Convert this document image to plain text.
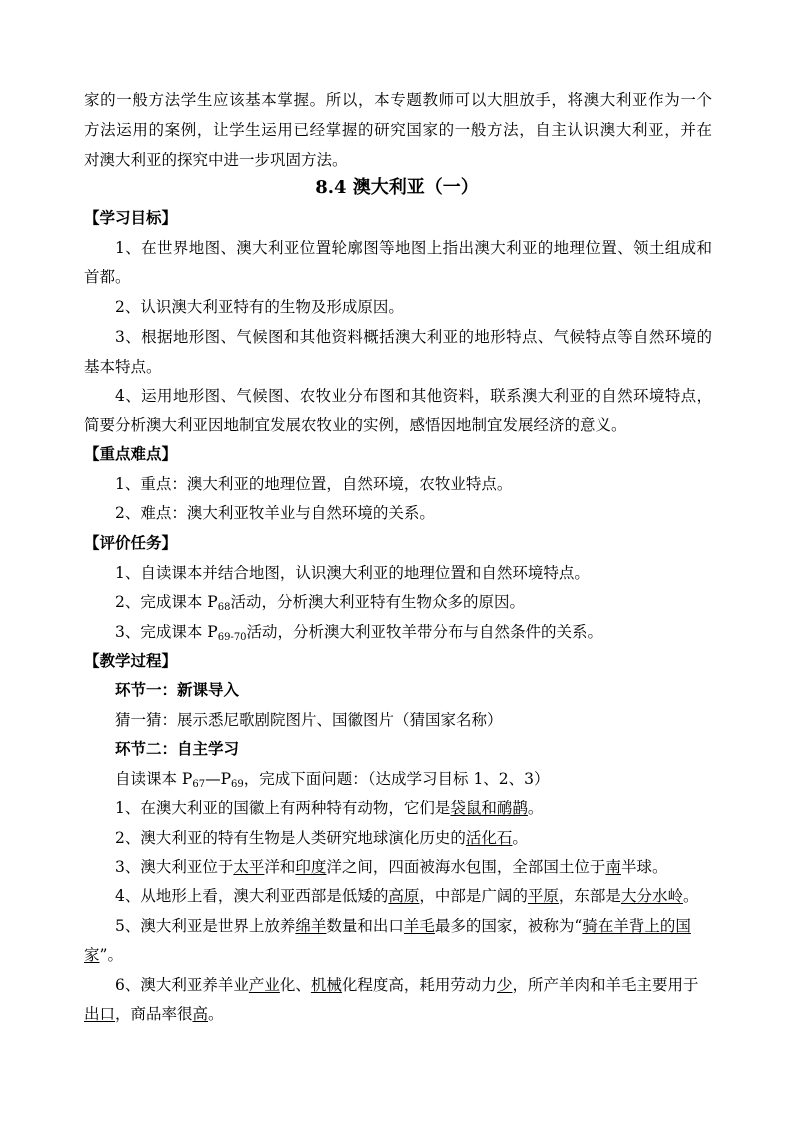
家的一般方法学生应该基本掌握。所以，本专题教师可以大胆放手，将澳大利亚作为一个
方法运用的案例，让学生运用已经掌握的研究国家的一般方法，自主认识澳大利亚，并在
对澳大利亚的探究中进一步巩固方法。
8.4 澳大利亚（一）
【学习目标】
1、在世界地图、澳大利亚位置轮廓图等地图上指出澳大利亚的地理位置、领土组成和
首都。
2、认识澳大利亚特有的生物及形成原因。
3、根据地形图、气候图和其他资料概括澳大利亚的地形特点、气候特点等自然环境的
基本特点。
4、运用地形图、气候图、农牧业分布图和其他资料，联系澳大利亚的自然环境特点，
简要分析澳大利亚因地制宜发展农牧业的实例，感悟因地制宜发展经济的意义。
【重点难点】
1、重点：澳大利亚的地理位置，自然环境，农牧业特点。
2、难点：澳大利亚牧羊业与自然环境的关系。
【评价任务】
1、自读课本并结合地图，认识澳大利亚的地理位置和自然环境特点。
2、完成课本 $P_{68}$活动，分析澳大利亚特有生物众多的原因。
3、完成课本 $P_{69-70}$活动，分析澳大利亚牧羊带分布与自然条件的关系。
【教学过程】
环节一：新课导入
猜一猜：展示悉尼歌剧院图片、国徽图片（猜国家名称）
环节二：自主学习
自读课本 $P_{67}—P_{69}$，完成下面问题：（达成学习目标 1、2、3）
1、在澳大利亚的国徽上有两种特有动物，它们是袋鼠和鸸鹋。
2、澳大利亚的特有生物是人类研究地球演化历史的活化石。
3、澳大利亚位于太平洋和印度洋之间，四面被海水包围，全部国土位于南半球。
4、从地形上看，澳大利亚西部是低矮的高原，中部是广阔的平原，东部是大分水岭。
5、澳大利亚是世界上放养绵羊数量和出口羊毛最多的国家，被称为“骑在羊背上的国
家”。
6、澳大利亚养羊业产业化、机械化程度高，耗用劳动力少，所产羊肉和羊毛主要用于
出口，商品率很高。
